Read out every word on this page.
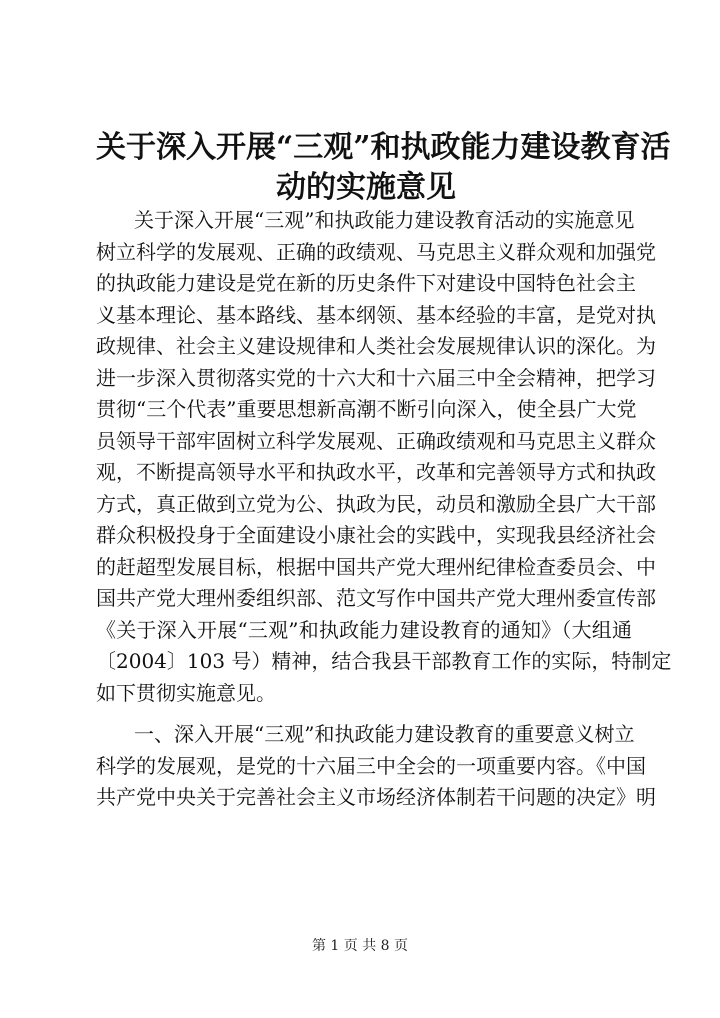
关于深入开展“三观”和执政能力建设教育活
动的实施意见
关于深入开展“三观”和执政能力建设教育活动的实施意见
树立科学的发展观、正确的政绩观、马克思主义群众观和加强党
的执政能力建设是党在新的历史条件下对建设中国特色社会主
义基本理论、基本路线、基本纲领、基本经验的丰富，是党对执
政规律、社会主义建设规律和人类社会发展规律认识的深化。为
进一步深入贯彻落实党的十六大和十六届三中全会精神，把学习
贯彻“三个代表”重要思想新高潮不断引向深入，使全县广大党
员领导干部牢固树立科学发展观、正确政绩观和马克思主义群众
观，不断提高领导水平和执政水平，改革和完善领导方式和执政
方式，真正做到立党为公、执政为民，动员和激励全县广大干部
群众积极投身于全面建设小康社会的实践中，实现我县经济社会
的赶超型发展目标，根据中国共产党大理州纪律检查委员会、中
国共产党大理州委组织部、范文写作中国共产党大理州委宣传部
《关于深入开展“三观”和执政能力建设教育的通知》（大组通
〔2004〕103 号）精神，结合我县干部教育工作的实际，特制定
如下贯彻实施意见。
一、深入开展“三观”和执政能力建设教育的重要意义树立
科学的发展观，是党的十六届三中全会的一项重要内容。《中国
共产党中央关于完善社会主义市场经济体制若干问题的决定》明
第 1 页 共 8 页
